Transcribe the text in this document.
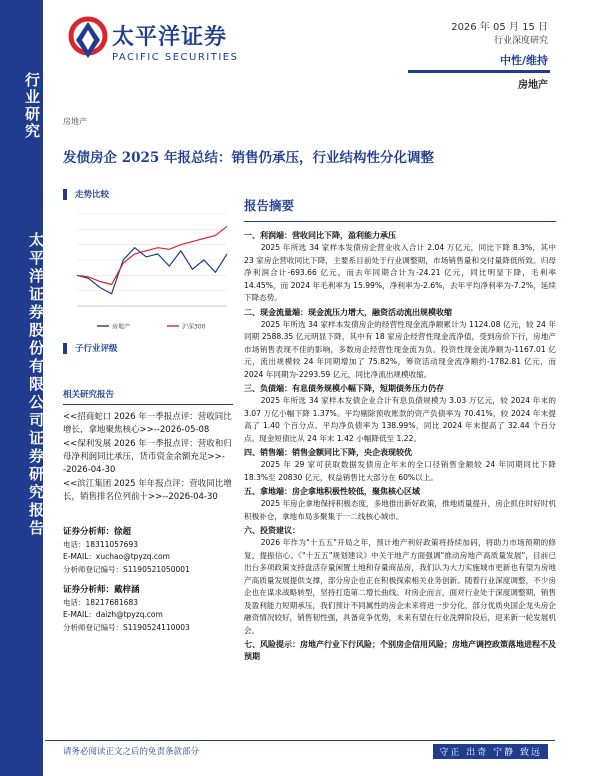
行业研究
太平洋证券股份有限公司证券研究报告
太平洋证券
PACIFIC SECURITIES
2026 年 05 月 15 日
行业深度研究
中性/维持
房地产
房地产
发债房企 2025 年报总结：销售仍承压，行业结构性分化调整
走势比较
房地产	沪深300
子行业评级
相关研究报告
<<招商蛇口 2026 年一季报点评：营收同比增长，拿地聚焦核心>>--2026-05-08
<<保利发展 2026 年一季报点评：营收和归母净利润同比承压，货币资金余额充足>>--2026-04-30
<<滨江集团 2025 年年报点评：营收同比增长，销售排名位列前十>>--2026-04-30
证券分析师：徐超
电话：18311057693
E-MAIL：xuchao@tpyzq.com
分析师登记编号：S1190521050001
证券分析师：戴梓涵
电话：18217681683
E-MAIL：daizh@tpyzq.com
分析师登记编号：S1190524110003
报告摘要
一、利润端：营收同比下降，盈利能力承压
2025 年所选 34 家样本发债房企营业收入合计 2.04 万亿元，同比下降 8.3%，其中 23 家房企营收同比下降，主要系目前处于行业调整期，市场销售量和交付量降低所致。归母净利润合计-693.66 亿元，而去年同期合计为-24.21 亿元，同比明显下降，毛利率 14.45%，而 2024 年毛利率为 15.99%，净利率为-2.6%，去年平均净利率为-7.2%，延续下降态势。
二、现金流量端：现金流压力增大，融资活动流出规模收缩
2025 年所选 34 家样本发债房企的经营性现金流净额累计为 1124.08 亿元，较 24 年同期 2588.35 亿元明显下降，其中有 18 家房企经营性现金流净值，受到房价下行，房地产市场销售表现不佳的影响，多数房企经营性现金流为负。投资性现金流净额为-1167.01 亿元，流出规模较 24 年同期增加了 75.82%，筹资活动现金流净额约-1782.81 亿元，而 2024 年同期为-2293.59 亿元，同比净流出规模收缩。
三、负债端：有息债务规模小幅下降，短期债务压力仍存
2025 年所选 34 家样本发债企业合计有息负债规模为 3.03 万亿元，较 2024 年末的 3.07 万亿小幅下降 1.37%。平均剔除预收账款的资产负债率为 70.41%，较 2024 年末提高了 1.40 个百分点。平均净负债率为 138.99%，同比 2024 年末提高了 32.44 个百分点。现金短债比从 24 年末 1.42 小幅降低至 1.22。
四、销售端：销售金额同比下降，央企表现较优
2025 年 29 家可获取数据发债房企年末的全口径销售金额较 24 年同期同比下降 18.3%至 20830 亿元，权益销售比大部分在 60%以上。
五、拿地端：房企拿地积极性较低，聚焦核心区域
2025 年房企拿地保持积极态度，多地推出新好政策，推地质量提升，房企抓住时好时机积极补仓，拿地布局多聚集于一二线核心城市。
六、投资建议：
2026 年作为"十五五"开局之年，预计地产利好政策将持续加码，将助力市场预期的修复，提振信心。《"十五五"规划建议》中关于地产方面强调"推动房地产高质量发展"，目前已出台多项政策支持盘活存量闲置土地和存量商品房，我们认为大力实施城市更新也有望为房地产高质量发展提供支撑，部分房企也正在积极探索相关业务创新。随着行业深度调整，不少房企也在谋求战略转型，坚持打造第二增长曲线。对房企而言，面对行业处于深度调整期，销售及盈利能力短期承压，我们预计不同属性的房企未来将进一步分化，部分优质央国企龙头房企融资情况较好，销售韧性强，具备竞争优势，未来有望在行业洗牌阶段后，迎来新一轮发展机会。
七、风险提示：房地产行业下行风险；个别房企信用风险；房地产调控政策落地进程不及预期
请务必阅读正文之后的免责条款部分	守正 出奇 宁静 致远
